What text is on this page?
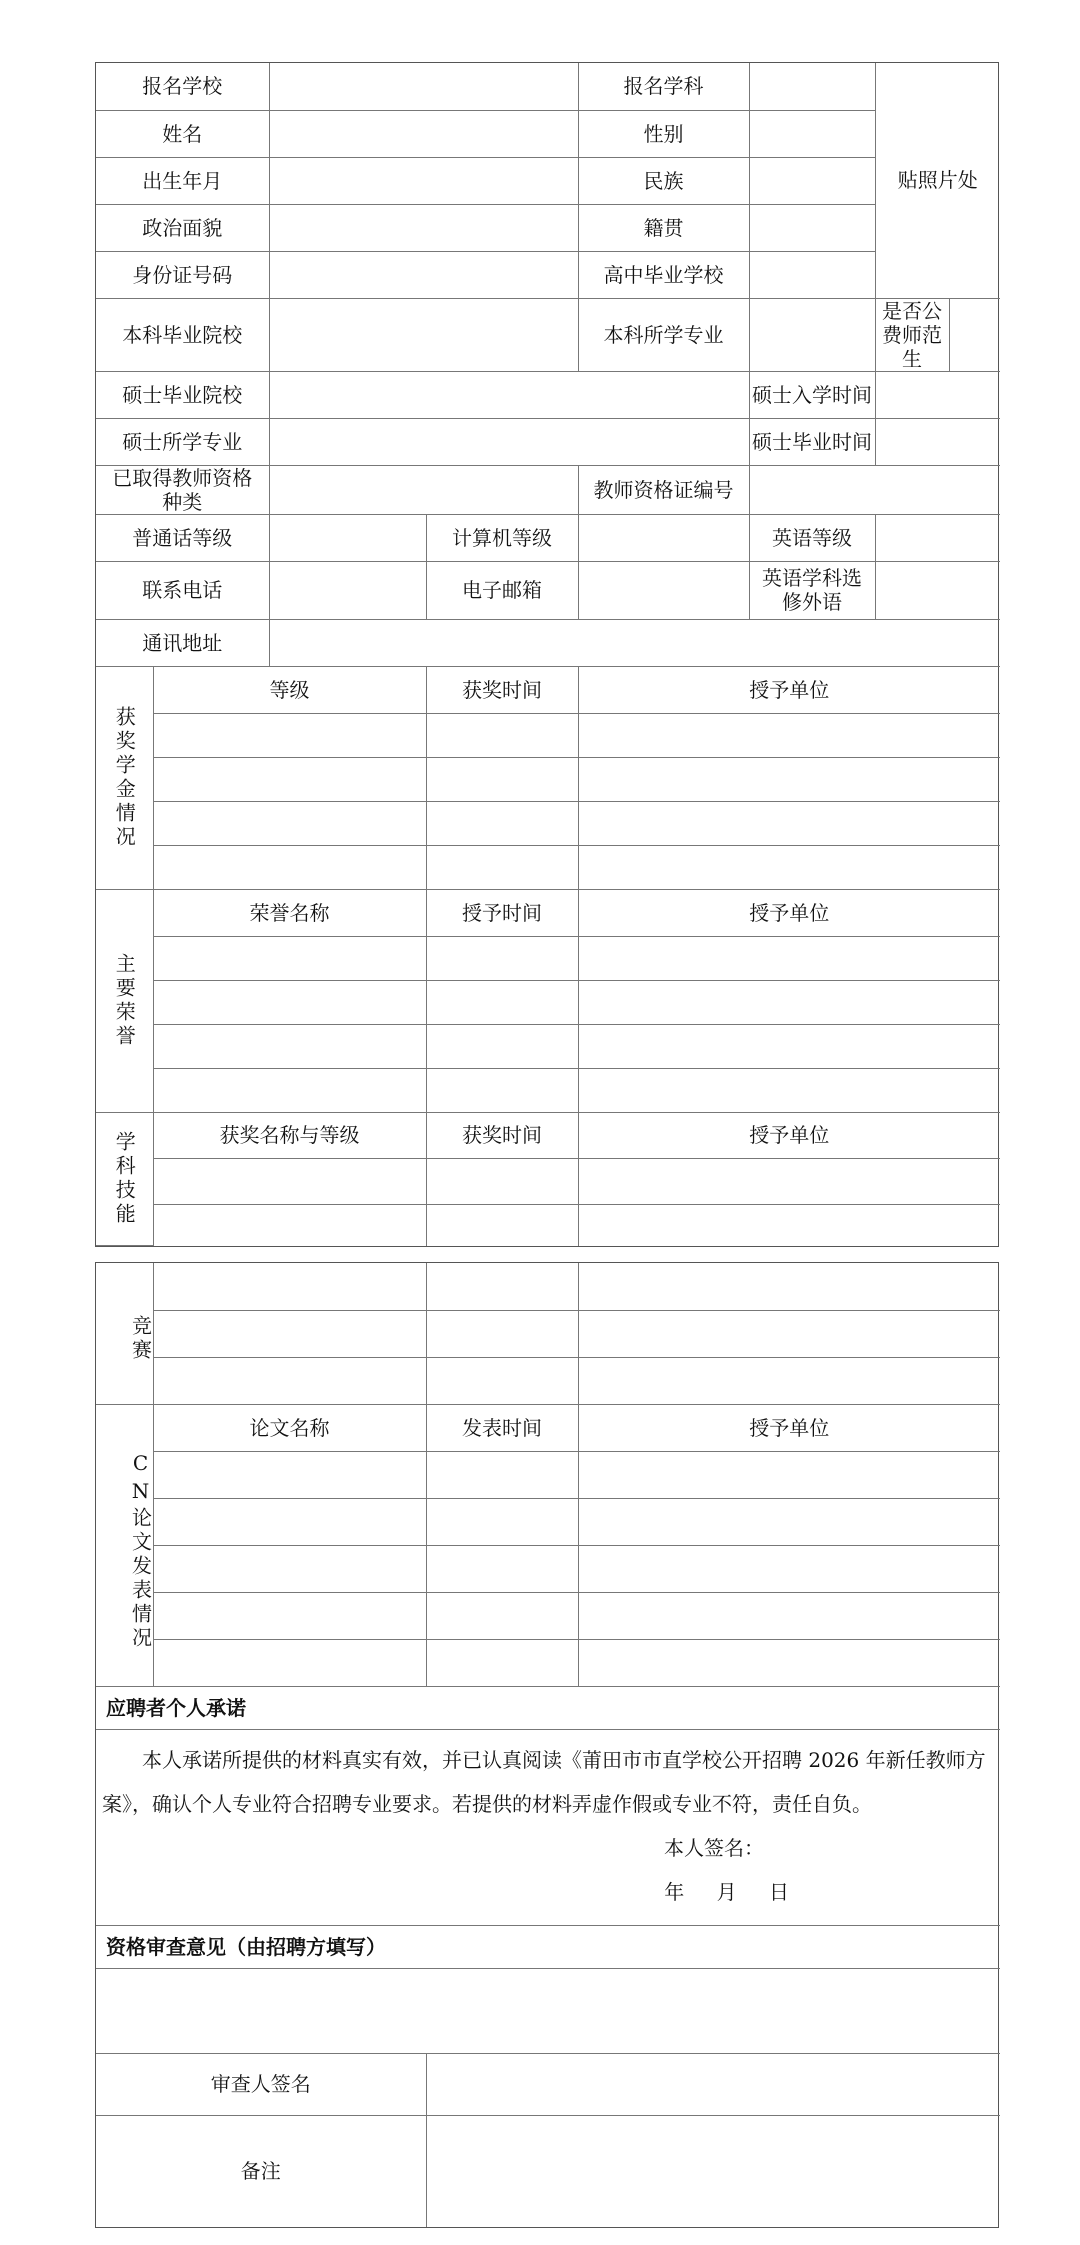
报名学校				报名学科		贴照片处	
姓名				性别			
出生年月				民族			
政治面貌				籍贯			
身份证号码				高中毕业学校			
本科毕业院校				本科所学专业		是否公费师范生	
硕士毕业院校					硕士入学时间		
硕士所学专业					硕士毕业时间		
已取得教师资格种类				教师资格证编号			
普通话等级			计算机等级		英语等级		
联系电话			电子邮箱		英语学科选修外语		
通讯地址							
获奖学金情况	等级		获奖时间	授予单位			

主要荣誉	荣誉名称		授予时间	授予单位			

学科技能	获奖名称与等级		获奖时间	授予单位			

竞赛			

CN论文发表情况	论文名称	发表时间	授予单位

应聘者个人承诺			

本人承诺所提供的材料真实有效，并已认真阅读《莆田市市直学校公开招聘 2026 年新任教师方案》，确认个人专业符合招聘专业要求。若提供的材料弄虚作假或专业不符，责任自负。
本人签名：
年 月 日			

资格审查意见（由招聘方填写）			

审查人签名			
备注			
